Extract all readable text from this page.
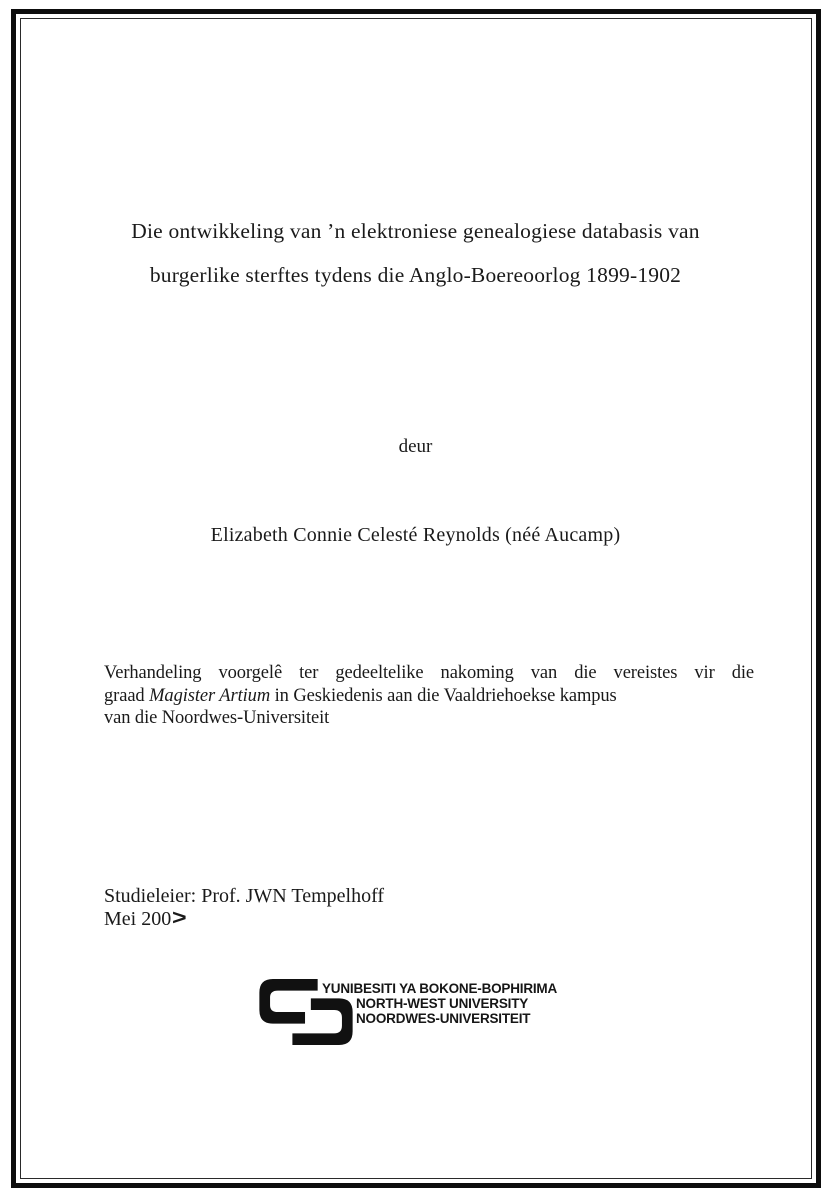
Die ontwikkeling van ’n elektroniese genealogiese databasis van
burgerlike sterftes tydens die Anglo-Boereoorlog 1899-1902
deur
Elizabeth Connie Celesté Reynolds (néé Aucamp)
Verhandeling voorgelê ter gedeeltelike nakoming van die vereistes vir die
graad Magister Artium in Geskiedenis aan die Vaaldriehoekse kampus
van die Noordwes-Universiteit
Studieleier: Prof. JWN Tempelhoff
Mei 200>
YUNIBESITI YA BOKONE-BOPHIRIMA
NORTH-WEST UNIVERSITY
NOORDWES-UNIVERSITEIT
